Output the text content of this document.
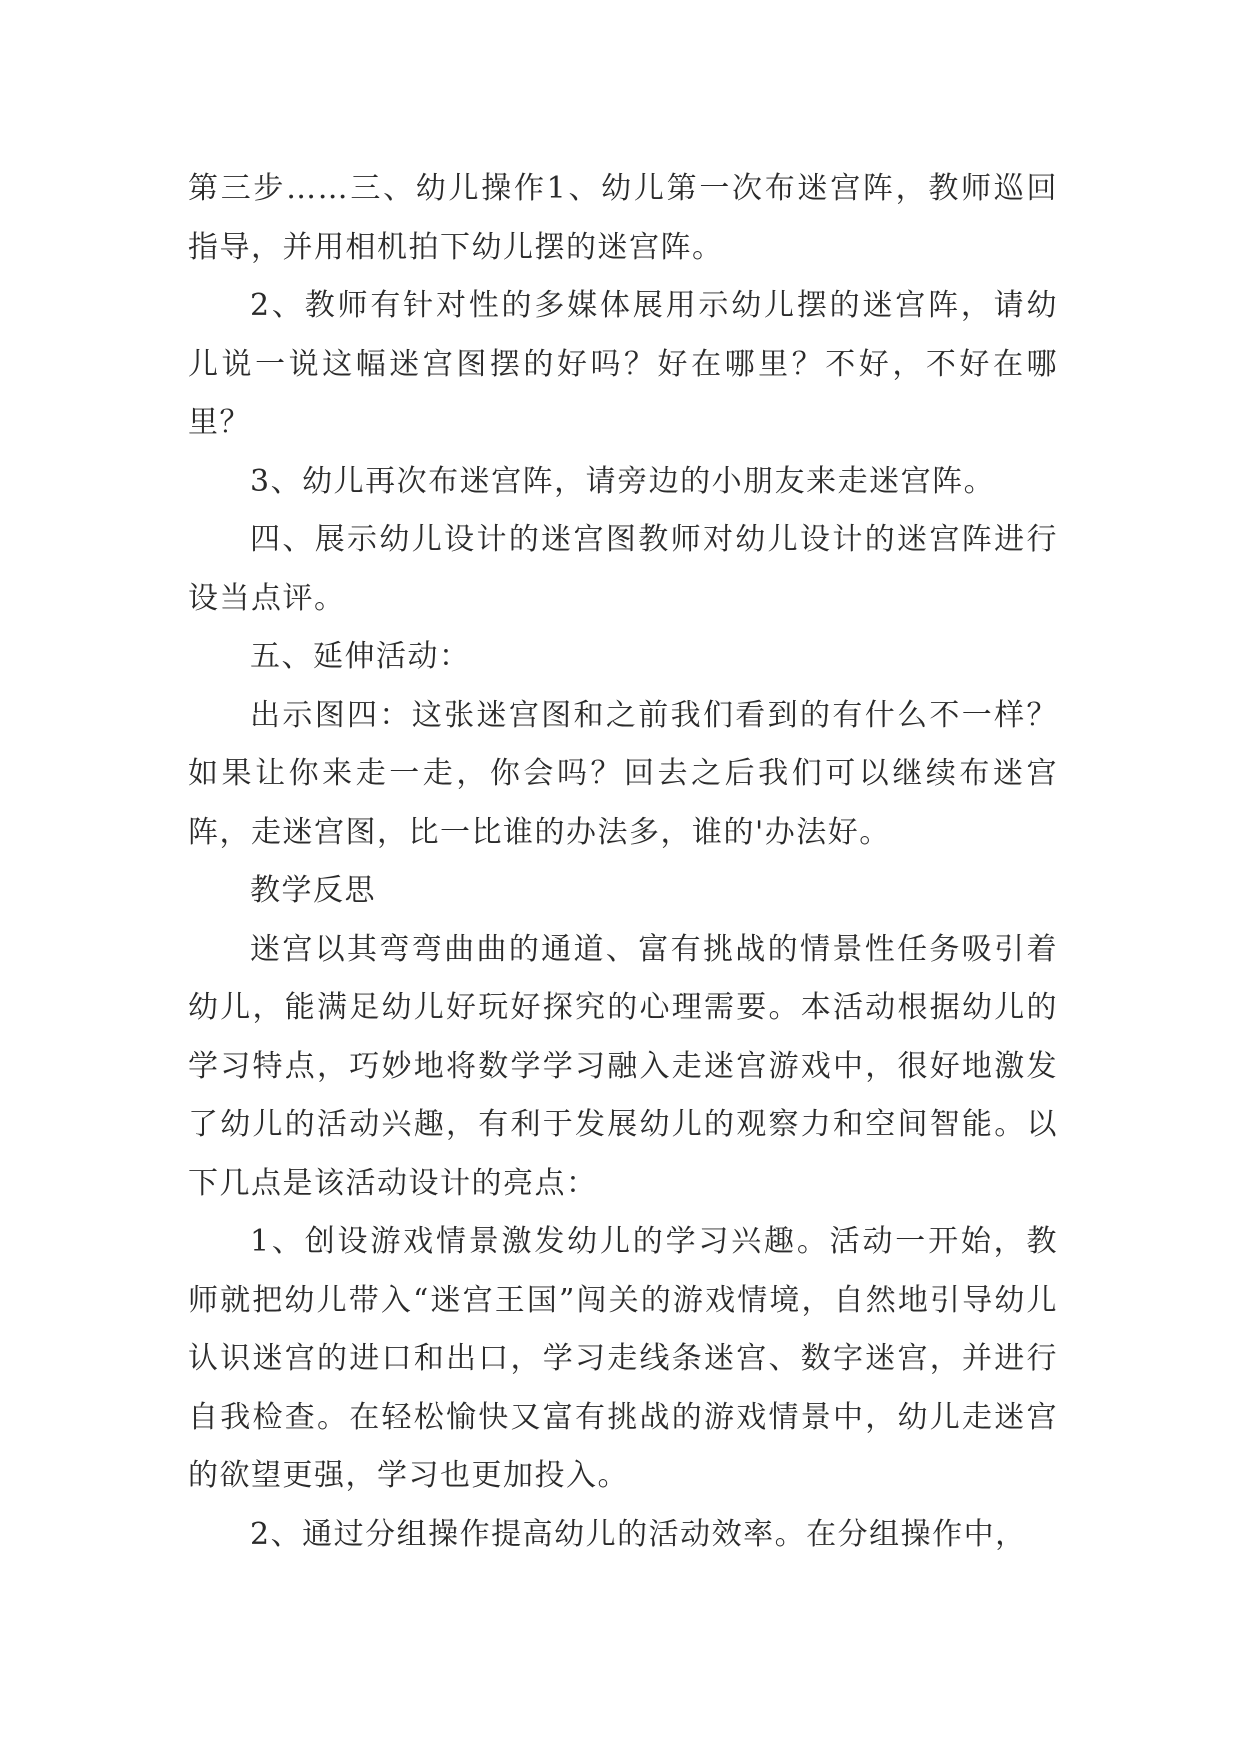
第三步……三、幼儿操作1、幼儿第一次布迷宫阵，教师巡回指导，并用相机拍下幼儿摆的迷宫阵。

2、教师有针对性的多媒体展用示幼儿摆的迷宫阵，请幼儿说一说这幅迷宫图摆的好吗？好在哪里？不好，不好在哪里？

3、幼儿再次布迷宫阵，请旁边的小朋友来走迷宫阵。

四、展示幼儿设计的迷宫图教师对幼儿设计的迷宫阵进行设当点评。

五、延伸活动：

出示图四：这张迷宫图和之前我们看到的有什么不一样？如果让你来走一走，你会吗？回去之后我们可以继续布迷宫阵，走迷宫图，比一比谁的办法多，谁的'办法好。

教学反思

迷宫以其弯弯曲曲的通道、富有挑战的情景性任务吸引着幼儿，能满足幼儿好玩好探究的心理需要。本活动根据幼儿的学习特点，巧妙地将数学学习融入走迷宫游戏中，很好地激发了幼儿的活动兴趣，有利于发展幼儿的观察力和空间智能。以下几点是该活动设计的亮点：

1、创设游戏情景激发幼儿的学习兴趣。活动一开始，教师就把幼儿带入“迷宫王国”闯关的游戏情境，自然地引导幼儿认识迷宫的进口和出口，学习走线条迷宫、数字迷宫，并进行自我检查。在轻松愉快又富有挑战的游戏情景中，幼儿走迷宫的欲望更强，学习也更加投入。

2、通过分组操作提高幼儿的活动效率。在分组操作中，
